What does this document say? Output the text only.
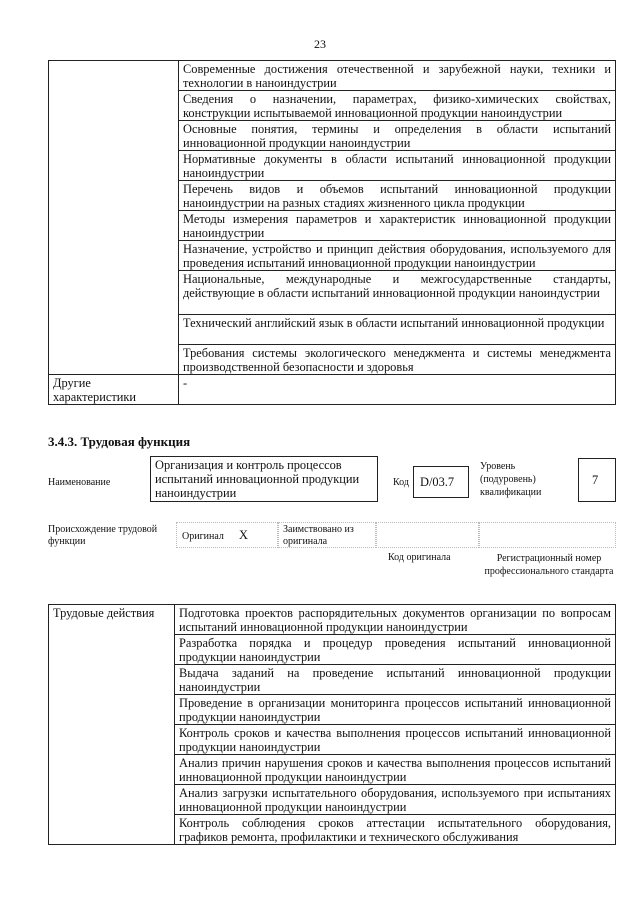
23
	Современные достижения отечественной и зарубежной науки, техники и технологии в наноиндустрии
	Сведения о назначении, параметрах, физико-химических свойствах, конструкции испытываемой инновационной продукции наноиндустрии
	Основные понятия, термины и определения в области испытаний инновационной продукции наноиндустрии
	Нормативные документы в области испытаний инновационной продукции наноиндустрии
	Перечень видов и объемов испытаний инновационной продукции наноиндустрии на разных стадиях жизненного цикла продукции
	Методы измерения параметров и характеристик инновационной продукции наноиндустрии
	Назначение, устройство и принцип действия оборудования, используемого для проведения испытаний инновационной продукции наноиндустрии
	Национальные, международные и межгосударственные стандарты, действующие в области испытаний инновационной продукции наноиндустрии
	Технический английский язык в области испытаний инновационной продукции
	Требования системы экологического менеджмента и системы менеджмента производственной безопасности и здоровья
Другие характеристики	-
3.4.3. Трудовая функция
Наименование
Организация и контроль процессов испытаний инновационной продукции наноиндустрии
Код D/03.7
Уровень (подуровень) квалификации
7
Происхождение трудовой функции	Оригинал X	Заимствовано из оригинала
Код оригинала	Регистрационный номер профессионального стандарта
Трудовые действия	Подготовка проектов распорядительных документов организации по вопросам испытаний инновационной продукции наноиндустрии
Разработка порядка и процедур проведения испытаний инновационной продукции наноиндустрии
Выдача заданий на проведение испытаний инновационной продукции наноиндустрии
Проведение в организации мониторинга процессов испытаний инновационной продукции наноиндустрии
Контроль сроков и качества выполнения процессов испытаний инновационной продукции наноиндустрии
Анализ причин нарушения сроков и качества выполнения процессов испытаний инновационной продукции наноиндустрии
Анализ загрузки испытательного оборудования, используемого при испытаниях инновационной продукции наноиндустрии
Контроль соблюдения сроков аттестации испытательного оборудования, графиков ремонта, профилактики и технического обслуживания
